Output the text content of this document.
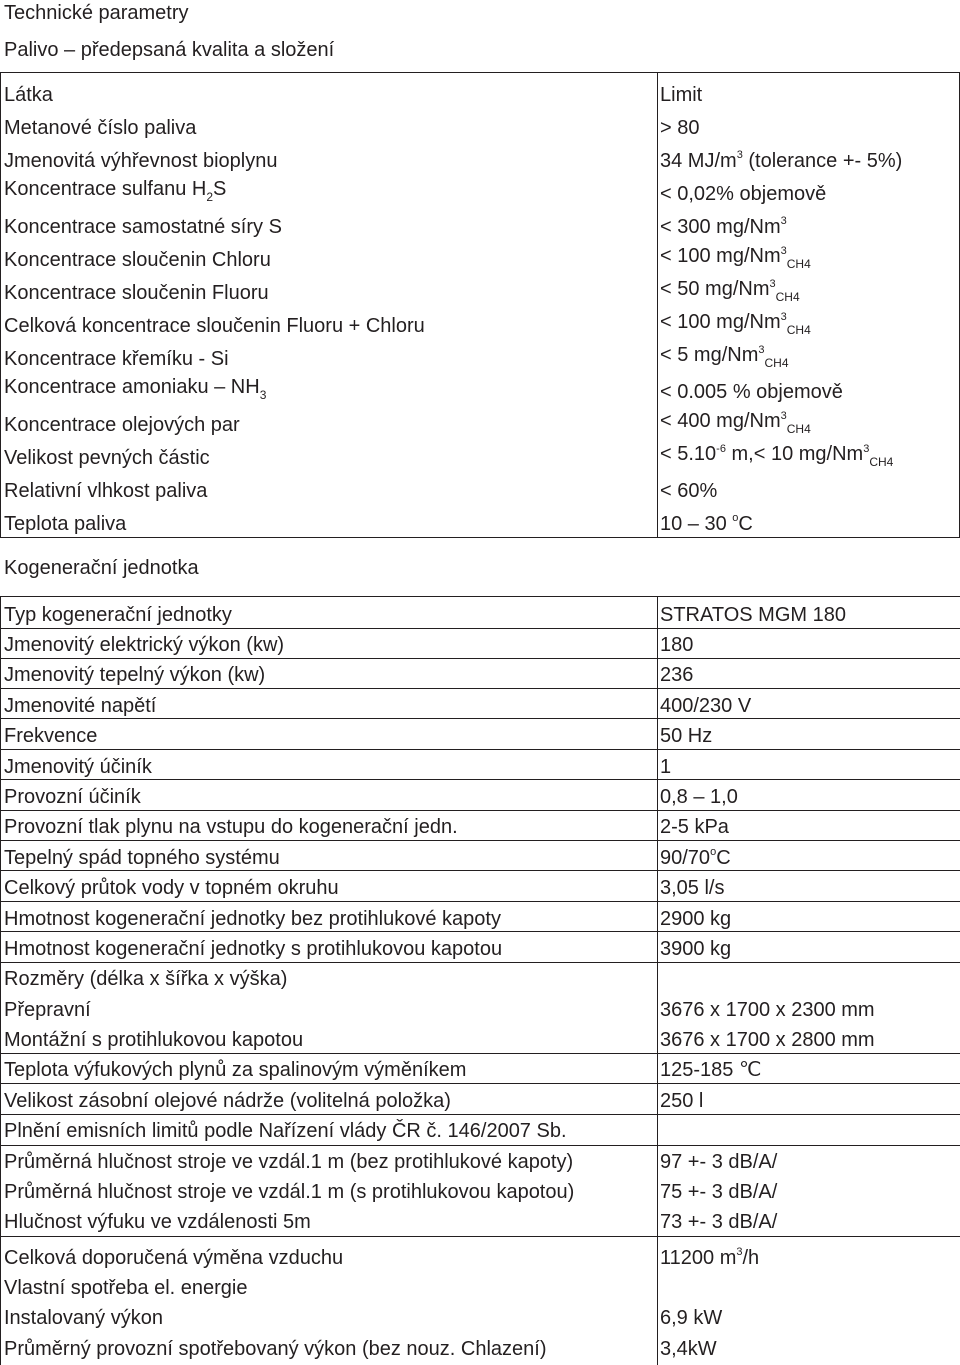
Technické parametry
Palivo – předepsaná kvalita a složení
Látka	Limit
Metanové číslo paliva	> 80
Jmenovitá výhřevnost bioplynu	34 $MJ/m^3$ (tolerance +- 5%)
Koncentrace sulfanu $H_2S$	< 0,02% objemově
Koncentrace samostatné síry S	< 300 mg/Nm$^3$
Koncentrace sloučenin Chloru	< 100 $mg/Nm^3_{CH4}$
Koncentrace sloučenin Fluoru	< 50 $mg/Nm^3_{CH4}$
Celková koncentrace sloučenin Fluoru + Chloru	< 100 $mg/Nm^3_{CH4}$
Koncentrace křemíku - Si	< 5 $mg/Nm^3_{CH4}$
Koncentrace amoniaku – $NH_3$	< 0.005 % objemově
Koncentrace olejových par	< 400 $mg/Nm^3_{CH4}$
Velikost pevných částic	< $5.10^{-6}$ m,< 10 $mg/Nm^3_{CH4}$
Relativní vlhkost paliva	< 60%
Teplota paliva	10 – 30 $^o$C
Kogenerační jednotka
Typ kogenerační jednotky	STRATOS MGM 180
Jmenovitý elektrický výkon (kw)	180
Jmenovitý tepelný výkon (kw)	236
Jmenovité napětí	400/230 V
Frekvence	50 Hz
Jmenovitý účiník	1
Provozní účiník	0,8 – 1,0
Provozní tlak plynu na vstupu do kogenerační jedn.	2-5 kPa
Tepelný spád topného systému	90/70$^o$C
Celkový průtok vody v topném okruhu	3,05 l/s
Hmotnost kogenerační jednotky bez protihlukové kapoty	2900 kg
Hmotnost kogenerační jednotky s protihlukovou kapotou	3900 kg
Rozměry (délka x šířka x výška)
Přepravní	3676 x 1700 x 2300 mm
Montážní s protihlukovou kapotou	3676 x 1700 x 2800 mm
Teplota výfukových plynů za spalinovým výměníkem	125-185 ℃
Velikost zásobní olejové nádrže (volitelná položka)	250 l
Plnění emisních limitů podle Nařízení vlády ČR č. 146/2007 Sb.
Průměrná hlučnost stroje ve vzdál.1 m (bez protihlukové kapoty)	97 +- 3 dB/A/
Průměrná hlučnost stroje ve vzdál.1 m (s protihlukovou kapotou)	75 +- 3 dB/A/
Hlučnost výfuku ve vzdálenosti 5m	73 +- 3 dB/A/
Celková doporučená výměna vzduchu	11200 $m^3/h$
Vlastní spotřeba el. energie
Instalovaný výkon	6,9 kW
Průměrný provozní spotřebovaný výkon (bez nouz. Chlazení)	3,4kW
